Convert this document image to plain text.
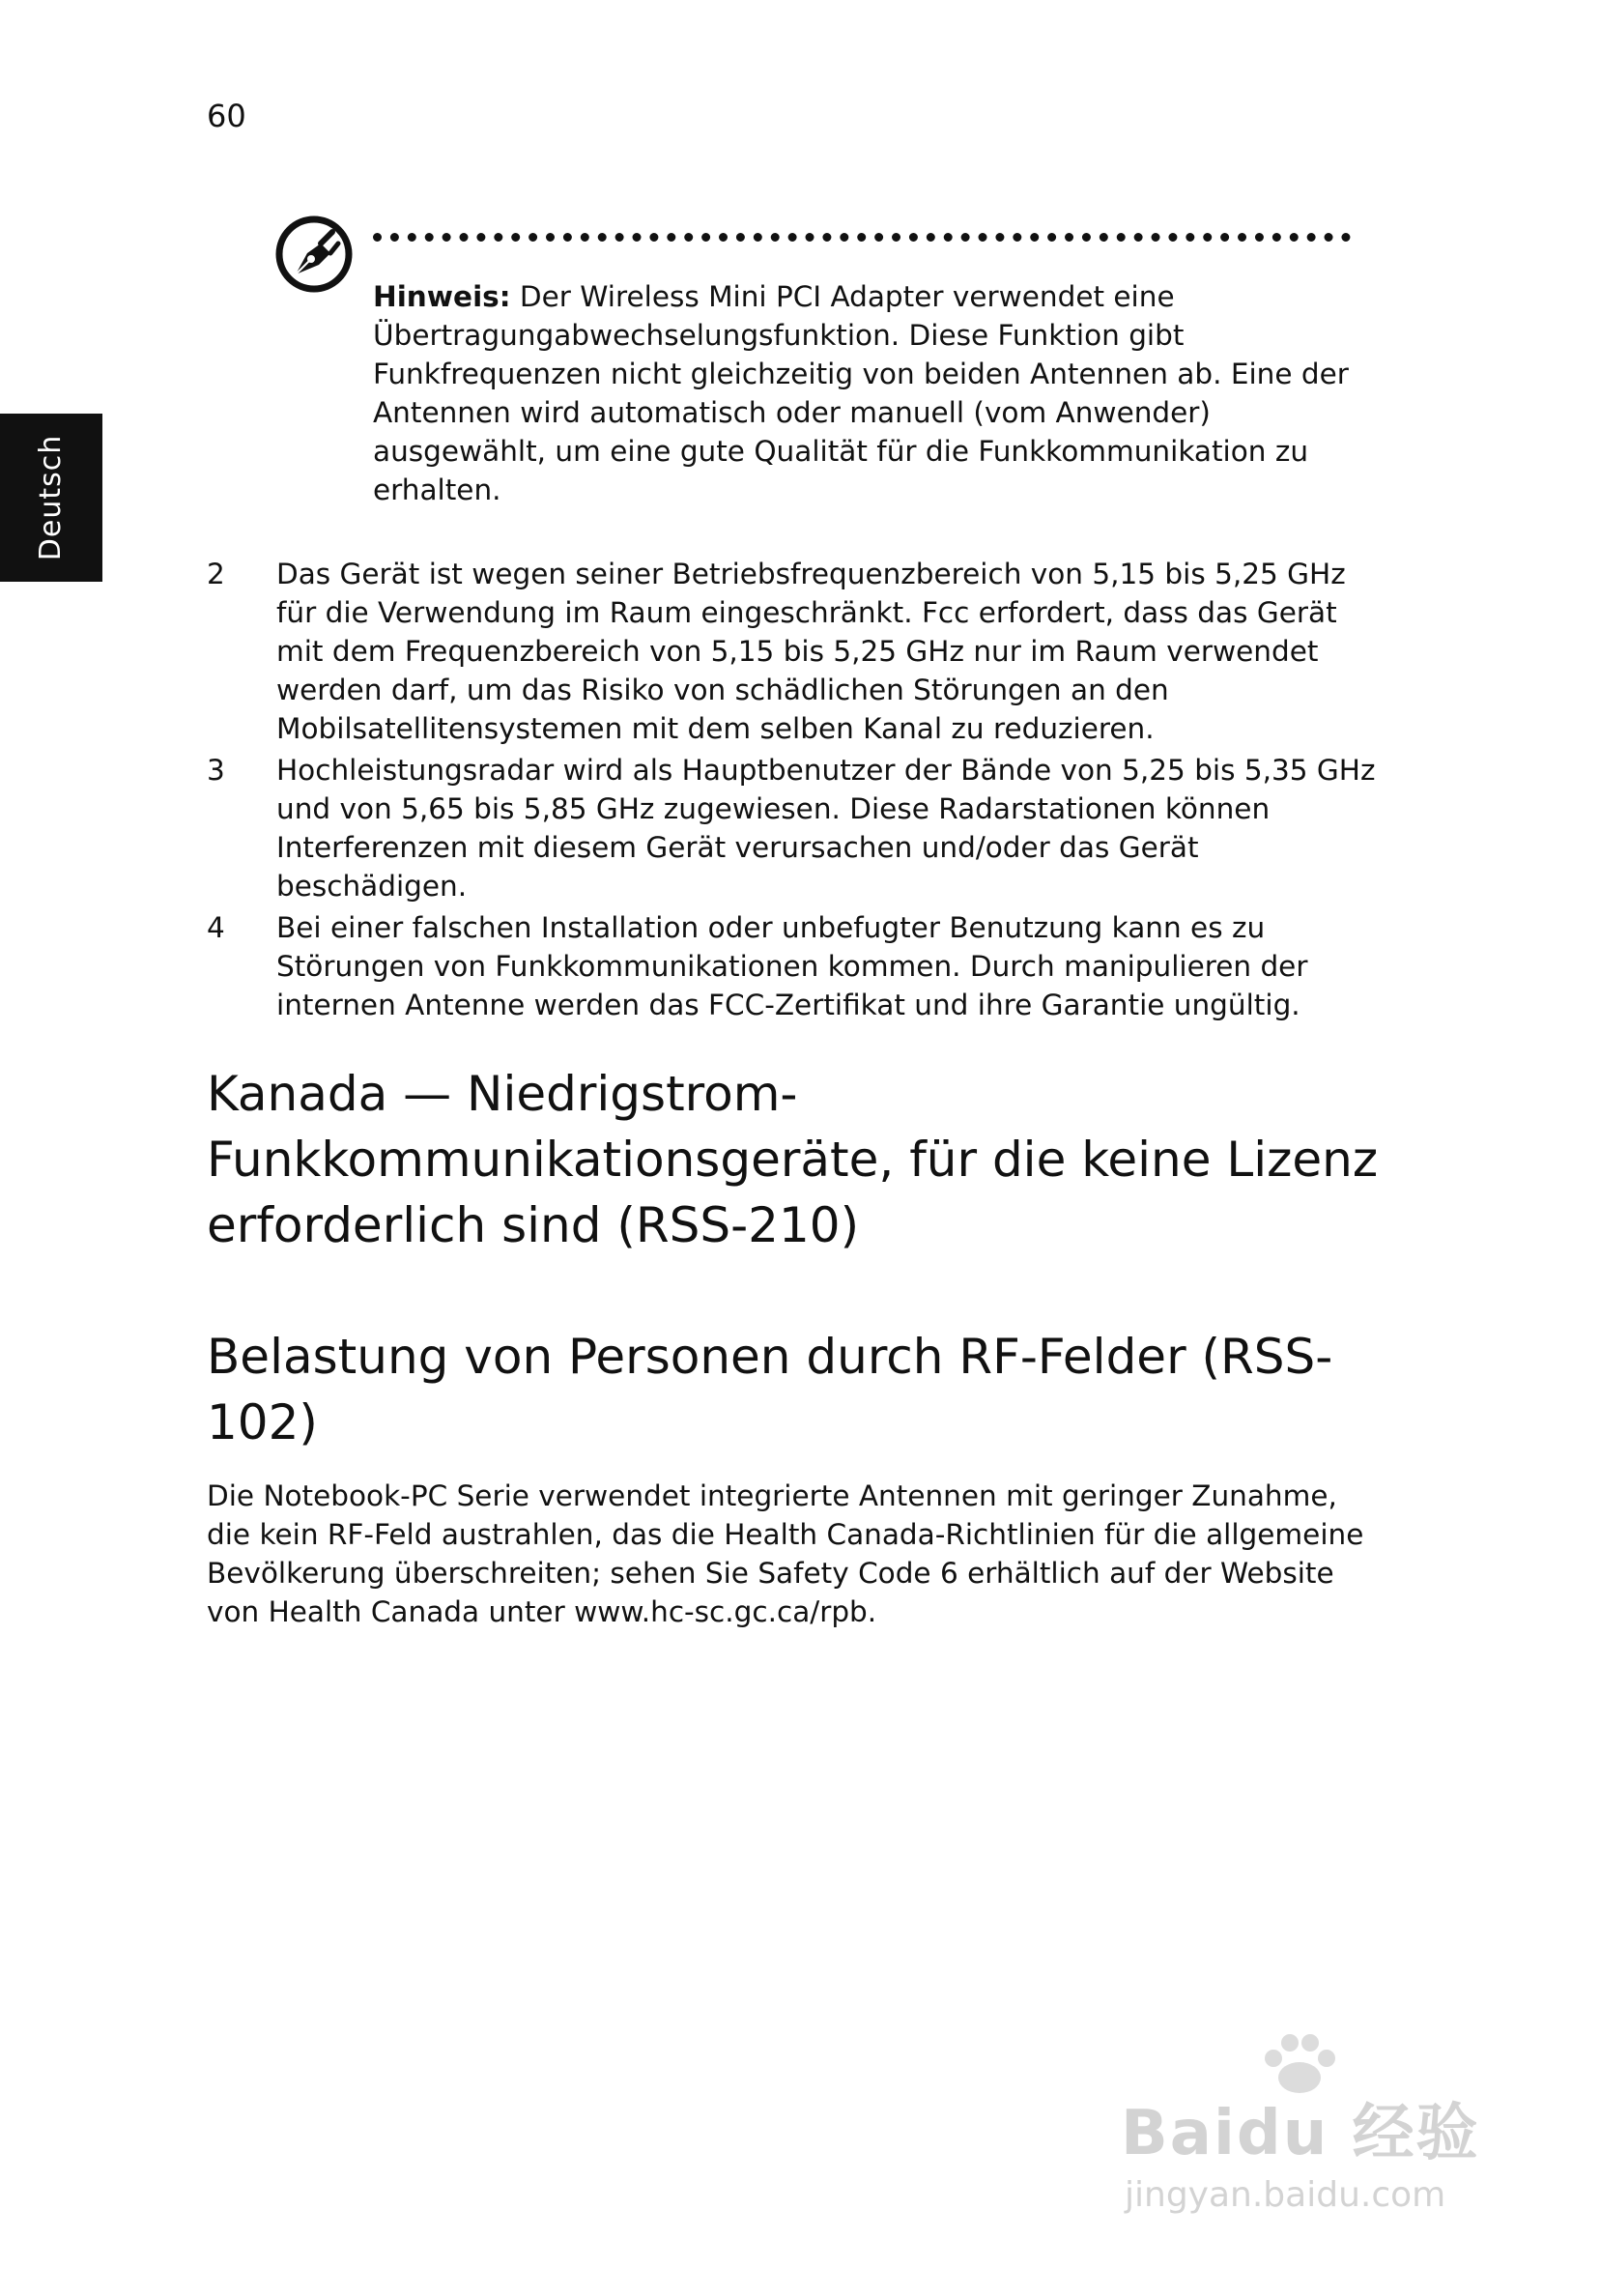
60
Deutsch
Hinweis: Der Wireless Mini PCI Adapter verwendet eine Übertragungabwechselungsfunktion. Diese Funktion gibt Funkfrequenzen nicht gleichzeitig von beiden Antennen ab. Eine der Antennen wird automatisch oder manuell (vom Anwender) ausgewählt, um eine gute Qualität für die Funkkommunikation zu erhalten.
2	Das Gerät ist wegen seiner Betriebsfrequenzbereich von 5,15 bis 5,25 GHz für die Verwendung im Raum eingeschränkt. Fcc erfordert, dass das Gerät mit dem Frequenzbereich von 5,15 bis 5,25 GHz nur im Raum verwendet werden darf, um das Risiko von schädlichen Störungen an den Mobilsatellitensystemen mit dem selben Kanal zu reduzieren.
3	Hochleistungsradar wird als Hauptbenutzer der Bände von 5,25 bis 5,35 GHz und von 5,65 bis 5,85 GHz zugewiesen. Diese Radarstationen können Interferenzen mit diesem Gerät verursachen und/oder das Gerät beschädigen.
4	Bei einer falschen Installation oder unbefugter Benutzung kann es zu Störungen von Funkkommunikationen kommen. Durch manipulieren der internen Antenne werden das FCC-Zertifikat und ihre Garantie ungültig.
Kanada — Niedrigstrom-Funkkommunikationsgeräte, für die keine Lizenz erforderlich sind (RSS-210)
Belastung von Personen durch RF-Felder (RSS-102)

Die Notebook-PC Serie verwendet integrierte Antennen mit geringer Zunahme, die kein RF-Feld austrahlen, das die Health Canada-Richtlinien für die allgemeine Bevölkerung überschreiten; sehen Sie Safety Code 6 erhältlich auf der Website von Health Canada unter www.hc-sc.gc.ca/rpb.

Baidu 经验
jingyan.baidu.com
